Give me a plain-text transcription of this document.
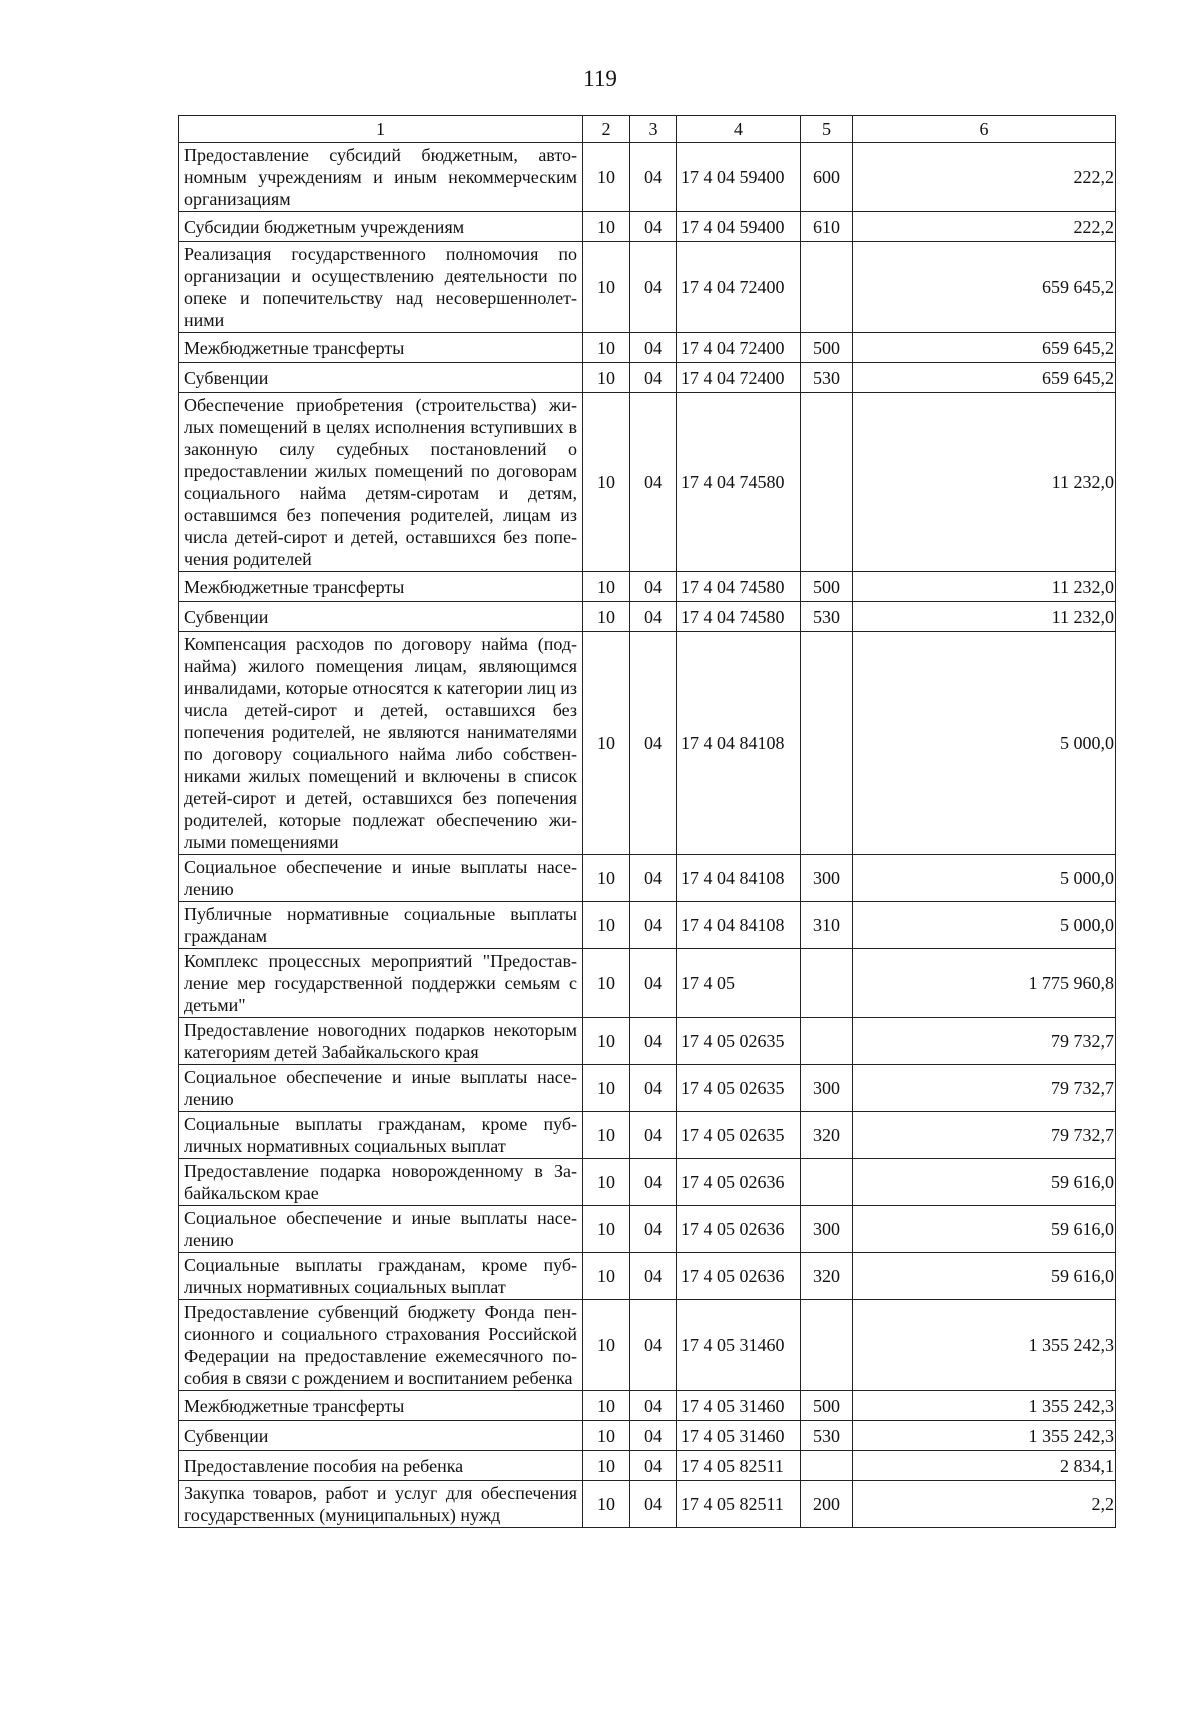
119
1	2	3	4	5	6
Предоставление субсидий бюджетным, автономным учреждениям и иным некоммерческим организациям	10	04	17 4 04 59400	600	222,2
Субсидии бюджетным учреждениям	10	04	17 4 04 59400	610	222,2
Реализация государственного полномочия по организации и осуществлению деятельности по опеке и попечительству над несовершеннолетними	10	04	17 4 04 72400		659 645,2
Межбюджетные трансферты	10	04	17 4 04 72400	500	659 645,2
Субвенции	10	04	17 4 04 72400	530	659 645,2
Обеспечение приобретения (строительства) жилых помещений в целях исполнения вступивших в законную силу судебных постановлений о предоставлении жилых помещений по договорам социального найма детям-сиротам и детям, оставшимся без попечения родителей, лицам из числа детей-сирот и детей, оставшихся без попечения родителей	10	04	17 4 04 74580		11 232,0
Межбюджетные трансферты	10	04	17 4 04 74580	500	11 232,0
Субвенции	10	04	17 4 04 74580	530	11 232,0
Компенсация расходов по договору найма (поднайма) жилого помещения лицам, являющимся инвалидами, которые относятся к категории лиц из числа детей-сирот и детей, оставшихся без попечения родителей, не являются нанимателями по договору социального найма либо собственниками жилых помещений и включены в список детей-сирот и детей, оставшихся без попечения родителей, которые подлежат обеспечению жилыми помещениями	10	04	17 4 04 84108		5 000,0
Социальное обеспечение и иные выплаты населению	10	04	17 4 04 84108	300	5 000,0
Публичные нормативные социальные выплаты гражданам	10	04	17 4 04 84108	310	5 000,0
Комплекс процессных мероприятий "Предоставление мер государственной поддержки семьям с детьми"	10	04	17 4 05		1 775 960,8
Предоставление новогодних подарков некоторым категориям детей Забайкальского края	10	04	17 4 05 02635		79 732,7
Социальное обеспечение и иные выплаты населению	10	04	17 4 05 02635	300	79 732,7
Социальные выплаты гражданам, кроме публичных нормативных социальных выплат	10	04	17 4 05 02635	320	79 732,7
Предоставление подарка новорожденному в Забайкальском крае	10	04	17 4 05 02636		59 616,0
Социальное обеспечение и иные выплаты населению	10	04	17 4 05 02636	300	59 616,0
Социальные выплаты гражданам, кроме публичных нормативных социальных выплат	10	04	17 4 05 02636	320	59 616,0
Предоставление субвенций бюджету Фонда пенсионного и социального страхования Российской Федерации на предоставление ежемесячного пособия в связи с рождением и воспитанием ребенка	10	04	17 4 05 31460		1 355 242,3
Межбюджетные трансферты	10	04	17 4 05 31460	500	1 355 242,3
Субвенции	10	04	17 4 05 31460	530	1 355 242,3
Предоставление пособия на ребенка	10	04	17 4 05 82511		2 834,1
Закупка товаров, работ и услуг для обеспечения государственных (муниципальных) нужд	10	04	17 4 05 82511	200	2,2
